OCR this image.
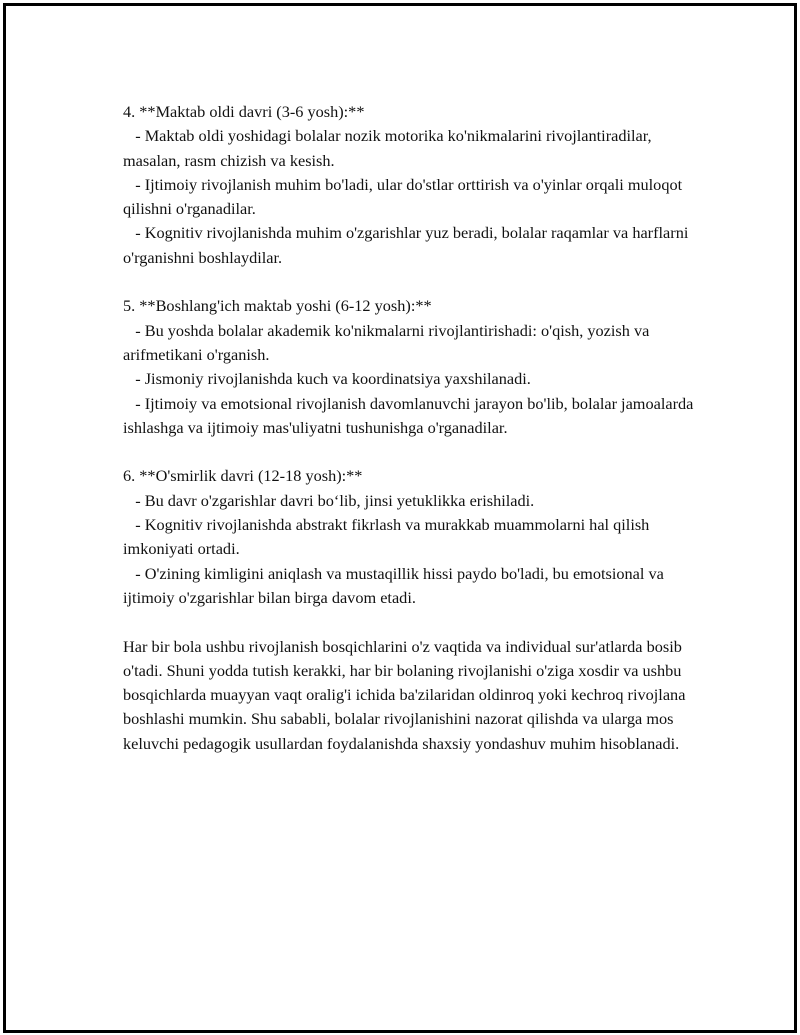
4. **Maktab oldi davri (3-6 yosh):**

- Maktab oldi yoshidagi bolalar nozik motorika ko'nikmalarini rivojlantiradilar, masalan, rasm chizish va kesish.

- Ijtimoiy rivojlanish muhim bo'ladi, ular do'stlar orttirish va o'yinlar orqali muloqot qilishni o'rganadilar.

- Kognitiv rivojlanishda muhim o'zgarishlar yuz beradi, bolalar raqamlar va harflarni o'rganishni boshlaydilar.

5. **Boshlang'ich maktab yoshi (6-12 yosh):**

- Bu yoshda bolalar akademik ko'nikmalarni rivojlantirishadi: o'qish, yozish va arifmetikani o'rganish.

- Jismoniy rivojlanishda kuch va koordinatsiya yaxshilanadi.

- Ijtimoiy va emotsional rivojlanish davomlanuvchi jarayon bo'lib, bolalar jamoalarda ishlashga va ijtimoiy mas'uliyatni tushunishga o'rganadilar.

6. **O'smirlik davri (12-18 yosh):**

- Bu davr o'zgarishlar davri bo‘lib, jinsi yetuklikka erishiladi.

- Kognitiv rivojlanishda abstrakt fikrlash va murakkab muammolarni hal qilish imkoniyati ortadi.

- O'zining kimligini aniqlash va mustaqillik hissi paydo bo'ladi, bu emotsional va ijtimoiy o'zgarishlar bilan birga davom etadi.

Har bir bola ushbu rivojlanish bosqichlarini o'z vaqtida va individual sur'atlarda bosib o'tadi. Shuni yodda tutish kerakki, har bir bolaning rivojlanishi o'ziga xosdir va ushbu bosqichlarda muayyan vaqt oralig'i ichida ba'zilaridan oldinroq yoki kechroq rivojlana boshlashi mumkin. Shu sababli, bolalar rivojlanishini nazorat qilishda va ularga mos keluvchi pedagogik usullardan foydalanishda shaxsiy yondashuv muhim hisoblanadi.
